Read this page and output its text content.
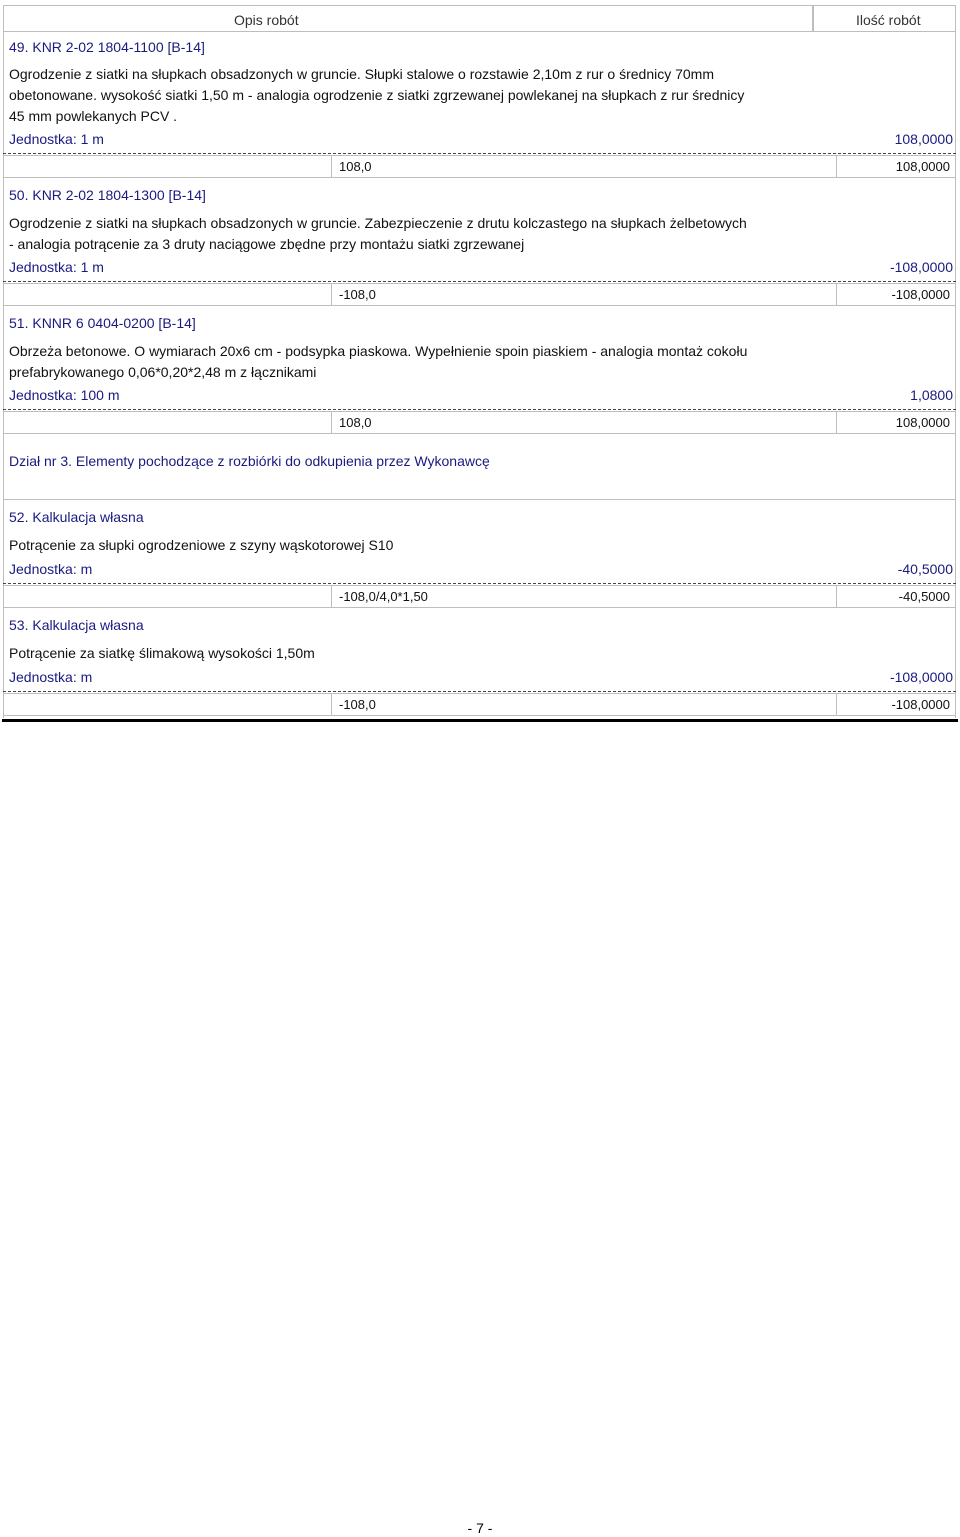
Opis robót	Ilość robót
49. KNR 2-02 1804-1100 [B-14]
Ogrodzenie z siatki na słupkach obsadzonych w gruncie. Słupki stalowe o rozstawie 2,10m z rur o średnicy 70mm
obetonowane. wysokość siatki 1,50 m - analogia ogrodzenie z siatki zgrzewanej powlekanej na słupkach z rur średnicy
45 mm powlekanych PCV .
Jednostka: 1 m	108,0000
108,0	108,0000
50. KNR 2-02 1804-1300 [B-14]
Ogrodzenie z siatki na słupkach obsadzonych w gruncie. Zabezpieczenie z drutu kolczastego na słupkach żelbetowych
- analogia potrącenie za 3 druty naciągowe zbędne przy montażu siatki zgrzewanej
Jednostka: 1 m	-108,0000
-108,0	-108,0000
51. KNNR 6 0404-0200 [B-14]
Obrzeża betonowe. O wymiarach 20x6 cm - podsypka piaskowa. Wypełnienie spoin piaskiem - analogia montaż cokołu
prefabrykowanego 0,06*0,20*2,48 m z łącznikami
Jednostka: 100 m	1,0800
108,0	108,0000
Dział nr 3. Elementy pochodzące z rozbiórki do odkupienia przez Wykonawcę
52. Kalkulacja własna
Potrącenie za słupki ogrodzeniowe z szyny wąskotorowej S10
Jednostka: m	-40,5000
-108,0/4,0*1,50	-40,5000
53. Kalkulacja własna
Potrącenie za siatkę ślimakową wysokości 1,50m
Jednostka: m	-108,0000
-108,0	-108,0000
- 7 -
